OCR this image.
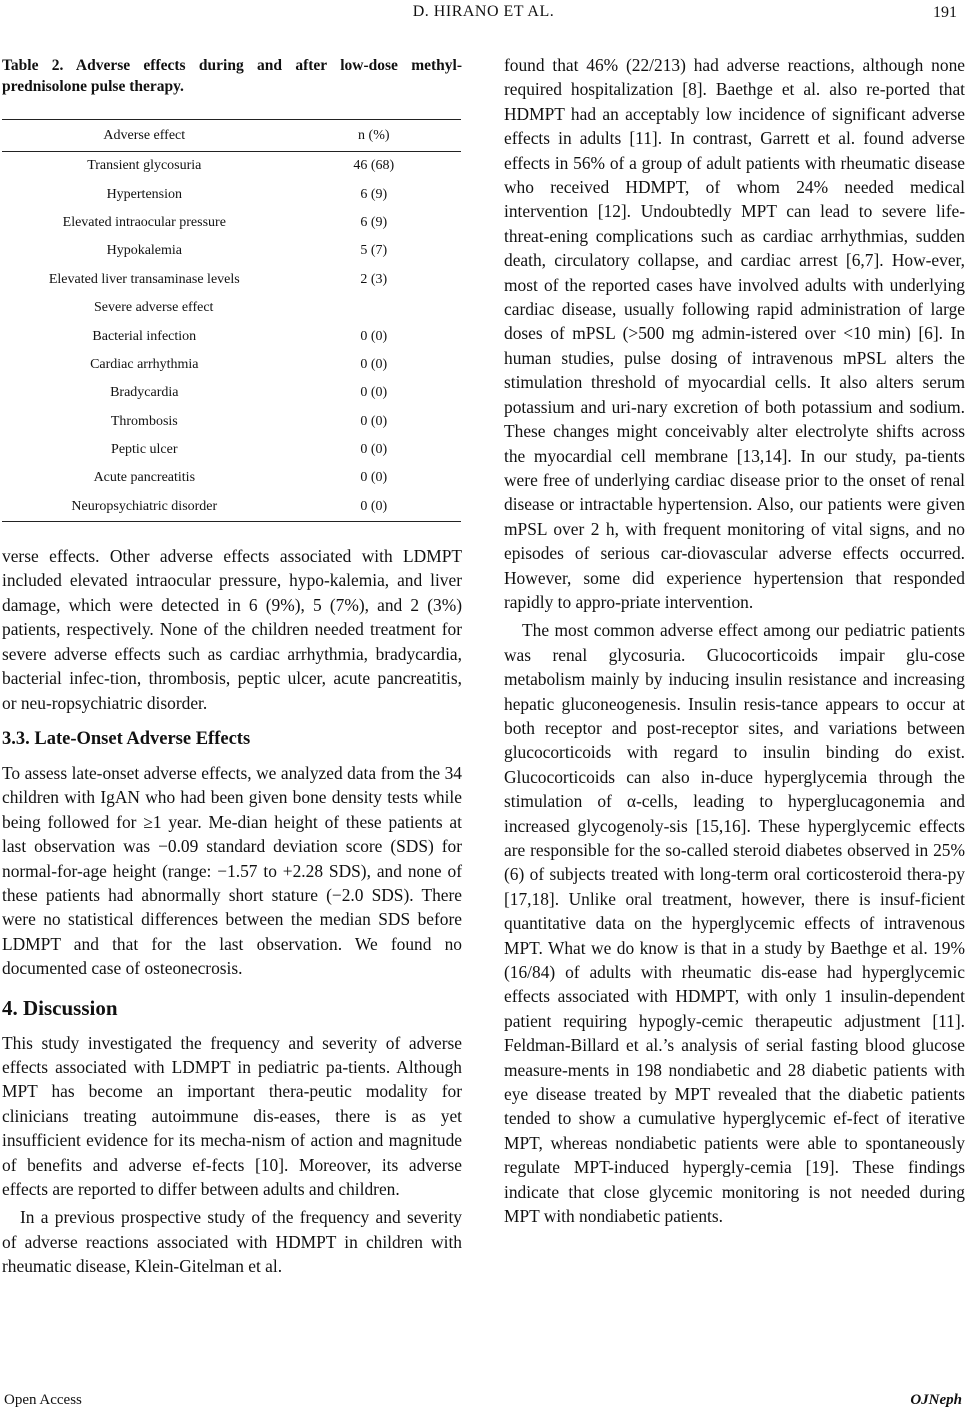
D. HIRANO ET AL.	191

Table 2. Adverse effects during and after low-dose methyl-prednisolone pulse therapy.

Adverse effect	n (%)
Transient glycosuria	46 (68)
Hypertension	6 (9)
Elevated intraocular pressure	6 (9)
Hypokalemia	5 (7)
Elevated liver transaminase levels	2 (3)
Severe adverse effect	
Bacterial infection	0 (0)
Cardiac arrhythmia	0 (0)
Bradycardia	0 (0)
Thrombosis	0 (0)
Peptic ulcer	0 (0)
Acute pancreatitis	0 (0)
Neuropsychiatric disorder	0 (0)

verse effects. Other adverse effects associated with LDMPT included elevated intraocular pressure, hypo-kalemia, and liver damage, which were detected in 6 (9%), 5 (7%), and 2 (3%) patients, respectively. None of the children needed treatment for severe adverse effects such as cardiac arrhythmia, bradycardia, bacterial infec-tion, thrombosis, peptic ulcer, acute pancreatitis, or neu-ropsychiatric disorder.

3.3. Late-Onset Adverse Effects

To assess late-onset adverse effects, we analyzed data from the 34 children with IgAN who had been given bone density tests while being followed for ≥1 year. Me-dian height of these patients at last observation was −0.09 standard deviation score (SDS) for normal-for-age height (range: −1.57 to +2.28 SDS), and none of these patients had abnormally short stature (−2.0 SDS). There were no statistical differences between the median SDS before LDMPT and that for the last observation. We found no documented case of osteonecrosis.

4. Discussion

This study investigated the frequency and severity of adverse effects associated with LDMPT in pediatric pa-tients. Although MPT has become an important thera-peutic modality for clinicians treating autoimmune dis-eases, there is as yet insufficient evidence for its mecha-nism of action and magnitude of benefits and adverse ef-fects [10]. Moreover, its adverse effects are reported to differ between adults and children.

In a previous prospective study of the frequency and severity of adverse reactions associated with HDMPT in children with rheumatic disease, Klein-Gitelman et al.

found that 46% (22/213) had adverse reactions, although none required hospitalization [8]. Baethge et al. also re-ported that HDMPT had an acceptably low incidence of significant adverse effects in adults [11]. In contrast, Garrett et al. found adverse effects in 56% of a group of adult patients with rheumatic disease who received HDMPT, of whom 24% needed medical intervention [12]. Undoubtedly MPT can lead to severe life-threat-ening complications such as cardiac arrhythmias, sudden death, circulatory collapse, and cardiac arrest [6,7]. How-ever, most of the reported cases have involved adults with underlying cardiac disease, usually following rapid administration of large doses of mPSL (>500 mg admin-istered over <10 min) [6]. In human studies, pulse dosing of intravenous mPSL alters the stimulation threshold of myocardial cells. It also alters serum potassium and uri-nary excretion of both potassium and sodium. These changes might conceivably alter electrolyte shifts across the myocardial cell membrane [13,14]. In our study, pa-tients were free of underlying cardiac disease prior to the onset of renal disease or intractable hypertension. Also, our patients were given mPSL over 2 h, with frequent monitoring of vital signs, and no episodes of serious car-diovascular adverse effects occurred. However, some did experience hypertension that responded rapidly to appro-priate intervention.

The most common adverse effect among our pediatric patients was renal glycosuria. Glucocorticoids impair glu-cose metabolism mainly by inducing insulin resistance and increasing hepatic gluconeogenesis. Insulin resis-tance appears to occur at both receptor and post-receptor sites, and variations between glucocorticoids with regard to insulin binding do exist. Glucocorticoids can also in-duce hyperglycemia through the stimulation of α-cells, leading to hyperglucagonemia and increased glycogenoly-sis [15,16]. These hyperglycemic effects are responsible for the so-called steroid diabetes observed in 25% (6) of subjects treated with long-term oral corticosteroid thera-py [17,18]. Unlike oral treatment, however, there is insuf-ficient quantitative data on the hyperglycemic effects of intravenous MPT. What we do know is that in a study by Baethge et al. 19% (16/84) of adults with rheumatic dis-ease had hyperglycemic effects associated with HDMPT, with only 1 insulin-dependent patient requiring hypogly-cemic therapeutic adjustment [11]. Feldman-Billard et al.’s analysis of serial fasting blood glucose measure-ments in 198 nondiabetic and 28 diabetic patients with eye disease treated by MPT revealed that the diabetic patients tended to show a cumulative hyperglycemic ef-fect of iterative MPT, whereas nondiabetic patients were able to spontaneously regulate MPT-induced hypergly-cemia [19]. These findings indicate that close glycemic monitoring is not needed during MPT with nondiabetic patients.

Open Access	OJNeph
